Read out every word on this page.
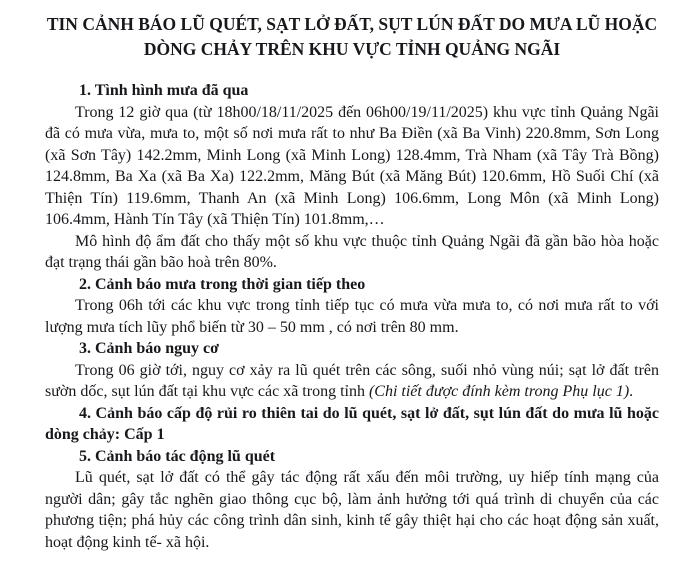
TIN CẢNH BÁO LŨ QUÉT, SẠT LỞ ĐẤT, SỤT LÚN ĐẤT DO MƯA LŨ HOẶC
DÒNG CHẢY TRÊN KHU VỰC TỈNH QUẢNG NGÃI

1. Tình hình mưa đã qua

Trong 12 giờ qua (từ 18h00/18/11/2025 đến 06h00/19/11/2025) khu vực tỉnh Quảng Ngãi đã có mưa vừa, mưa to, một số nơi mưa rất to như Ba Điền (xã Ba Vinh) 220.8mm, Sơn Long (xã Sơn Tây) 142.2mm, Minh Long (xã Minh Long) 128.4mm, Trà Nham (xã Tây Trà Bồng) 124.8mm, Ba Xa (xã Ba Xa) 122.2mm, Măng Bút (xã Măng Bút) 120.6mm, Hồ Suối Chí (xã Thiện Tín) 119.6mm, Thanh An (xã Minh Long) 106.6mm, Long Môn (xã Minh Long) 106.4mm, Hành Tín Tây (xã Thiện Tín) 101.8mm,…

Mô hình độ ẩm đất cho thấy một số khu vực thuộc tỉnh Quảng Ngãi đã gần bão hòa hoặc đạt trạng thái gần bão hoà trên 80%.

2. Cảnh báo mưa trong thời gian tiếp theo

Trong 06h tới các khu vực trong tỉnh tiếp tục có mưa vừa mưa to, có nơi mưa rất to với lượng mưa tích lũy phổ biến từ 30 – 50 mm , có nơi trên 80 mm.

3. Cảnh báo nguy cơ

Trong 06 giờ tới, nguy cơ xảy ra lũ quét trên các sông, suối nhỏ vùng núi; sạt lở đất trên sườn dốc, sụt lún đất tại khu vực các xã trong tỉnh (Chi tiết được đính kèm trong Phụ lục 1).

4. Cảnh báo cấp độ rủi ro thiên tai do lũ quét, sạt lở đất, sụt lún đất do mưa lũ hoặc dòng chảy: Cấp 1

5. Cảnh báo tác động lũ quét

Lũ quét, sạt lở đất có thể gây tác động rất xấu đến môi trường, uy hiếp tính mạng của người dân; gây tắc nghẽn giao thông cục bộ, làm ảnh hưởng tới quá trình di chuyển của các phương tiện; phá hủy các công trình dân sinh, kinh tế gây thiệt hại cho các hoạt động sản xuất, hoạt động kinh tế- xã hội.
